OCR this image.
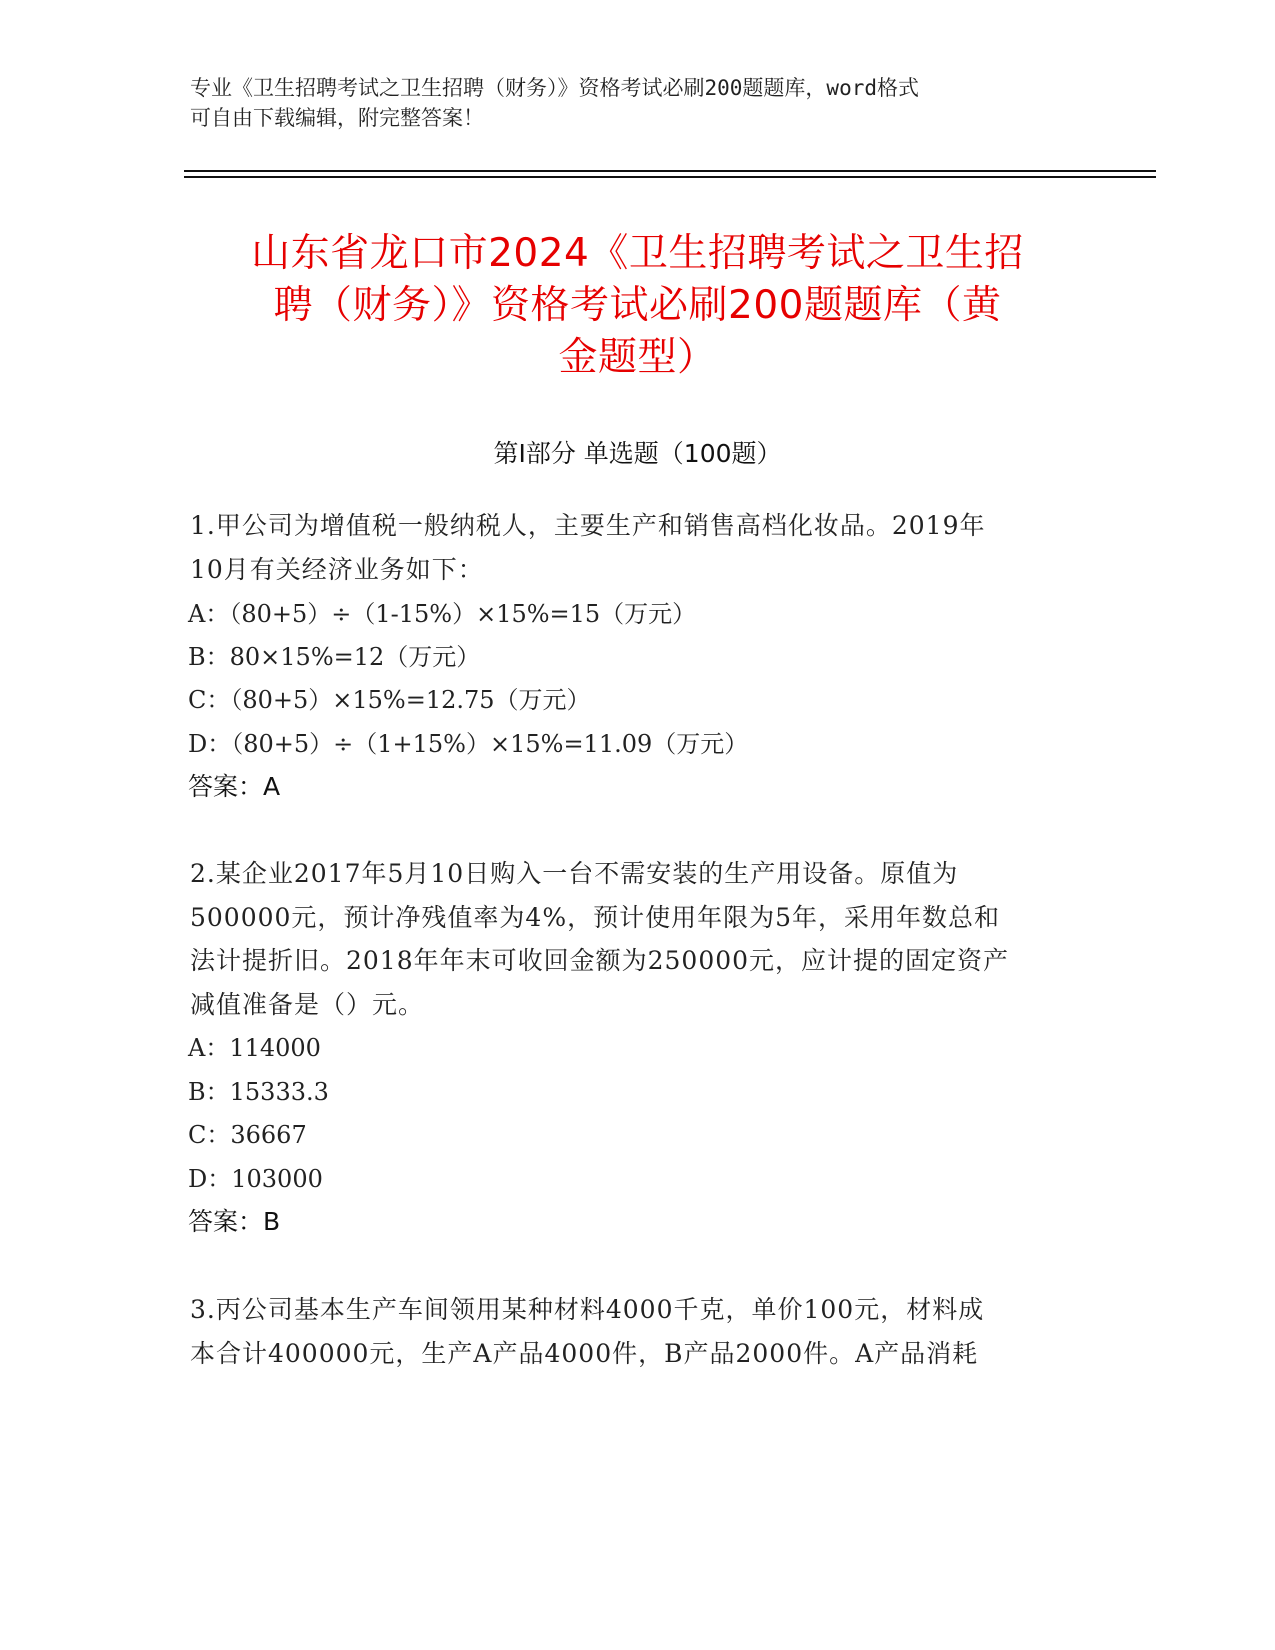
专业《卫生招聘考试之卫生招聘（财务）》资格考试必刷200题题库，word格式
可自由下载编辑，附完整答案！
山东省龙口市2024《卫生招聘考试之卫生招
聘（财务）》资格考试必刷200题题库（黄
金题型）
第Ⅰ部分 单选题（100题）
1.甲公司为增值税一般纳税人，主要生产和销售高档化妆品。2019年
10月有关经济业务如下：
A：（80+5）÷（1-15%）×15%=15（万元）
B：80×15%=12（万元）
C：（80+5）×15%=12.75（万元）
D：（80+5）÷（1+15%）×15%=11.09（万元）
答案：A
2.某企业2017年5月10日购入一台不需安装的生产用设备。原值为
500000元，预计净残值率为4%，预计使用年限为5年，采用年数总和
法计提折旧。2018年年末可收回金额为250000元，应计提的固定资产
减值准备是（）元。
A：114000
B：15333.3
C：36667
D：103000
答案：B
3.丙公司基本生产车间领用某种材料4000千克，单价100元，材料成
本合计400000元，生产A产品4000件，B产品2000件。A产品消耗
